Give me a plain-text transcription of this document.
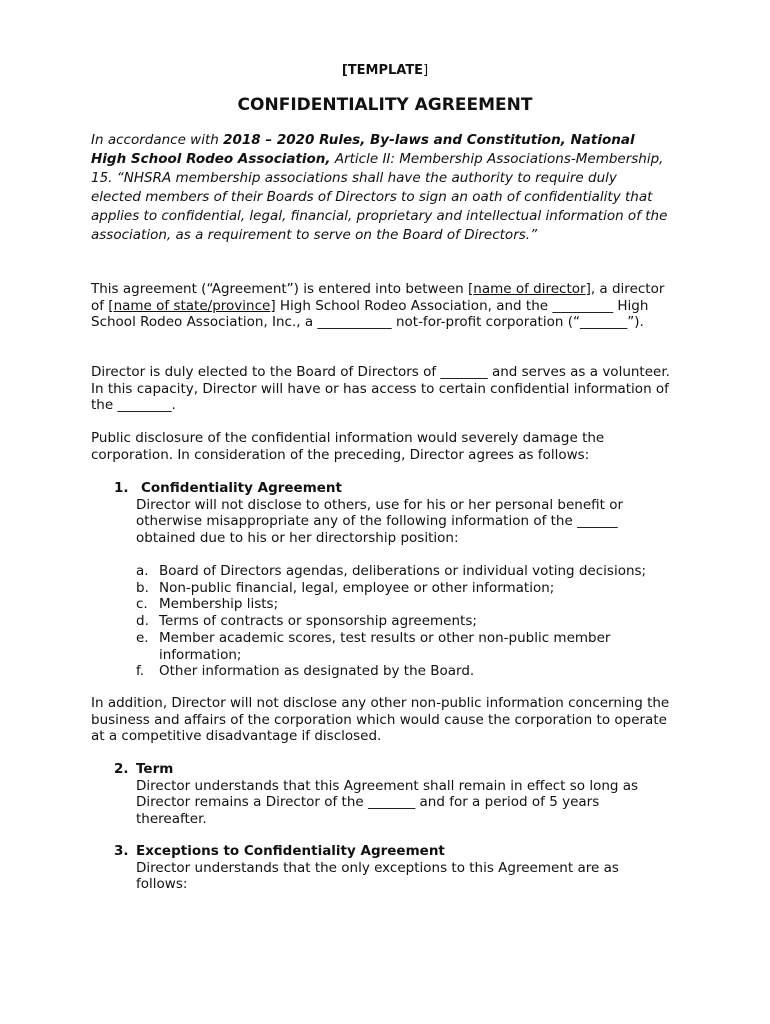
[TEMPLATE]
CONFIDENTIALITY AGREEMENT
In accordance with 2018 – 2020 Rules, By-laws and Constitution, National High School Rodeo Association, Article II: Membership Associations-Membership, 15. “NHSRA membership associations shall have the authority to require duly elected members of their Boards of Directors to sign an oath of confidentiality that applies to confidential, legal, financial, proprietary and intellectual information of the association, as a requirement to serve on the Board of Directors.”
This agreement (“Agreement”) is entered into between [name of director], a director of [name of state/province] High School Rodeo Association, and the _________ High School Rodeo Association, Inc., a ___________ not-for-profit corporation (“_______”).
Director is duly elected to the Board of Directors of _______ and serves as a volunteer. In this capacity, Director will have or has access to certain confidential information of the ________.
Public disclosure of the confidential information would severely damage the corporation. In consideration of the preceding, Director agrees as follows:
1. Confidentiality Agreement
Director will not disclose to others, use for his or her personal benefit or otherwise misappropriate any of the following information of the ______ obtained due to his or her directorship position:
a. Board of Directors agendas, deliberations or individual voting decisions;
b. Non-public financial, legal, employee or other information;
c. Membership lists;
d. Terms of contracts or sponsorship agreements;
e. Member academic scores, test results or other non-public member information;
f. Other information as designated by the Board.
In addition, Director will not disclose any other non-public information concerning the business and affairs of the corporation which would cause the corporation to operate at a competitive disadvantage if disclosed.
2. Term
Director understands that this Agreement shall remain in effect so long as Director remains a Director of the _______ and for a period of 5 years thereafter.
3. Exceptions to Confidentiality Agreement
Director understands that the only exceptions to this Agreement are as follows:
